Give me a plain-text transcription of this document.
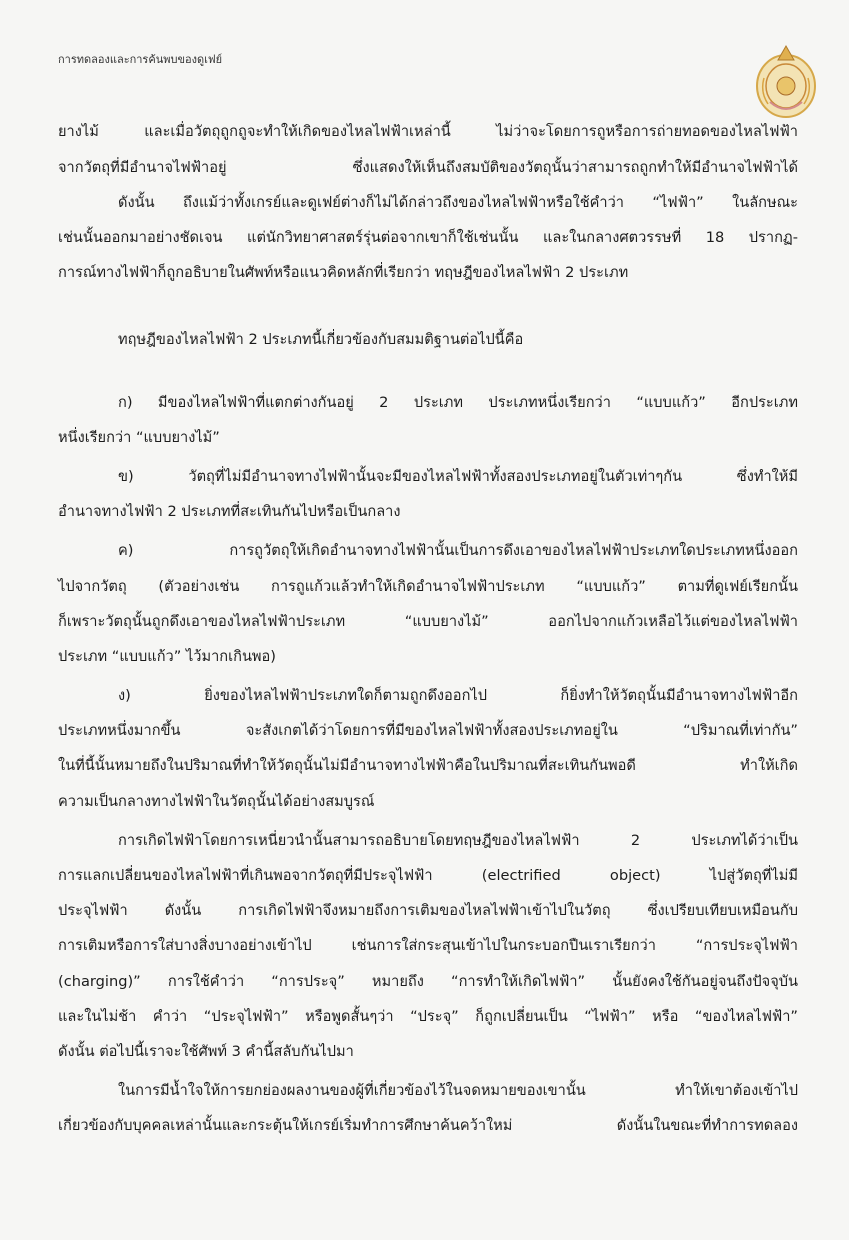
การทดลองและการค้นพบของดูเฟย์
ยางไม้ และเมื่อวัตถุถูกถูจะทำให้เกิดของไหลไฟฟ้าเหล่านี้ ไม่ว่าจะโดยการถูหรือการถ่ายทอดของไหลไฟฟ้า
จากวัตถุที่มีอำนาจไฟฟ้าอยู่ ซึ่งแสดงให้เห็นถึงสมบัติของวัตถุนั้นว่าสามารถถูกทำให้มีอำนาจไฟฟ้าได้
ดังนั้น ถึงแม้ว่าทั้งเกรย์และดูเฟย์ต่างก็ไม่ได้กล่าวถึงของไหลไฟฟ้าหรือใช้คำว่า “ไฟฟ้า” ในลักษณะ
เช่นนั้นออกมาอย่างชัดเจน แต่นักวิทยาศาสตร์รุ่นต่อจากเขาก็ใช้เช่นนั้น และในกลางศตวรรษที่ 18 ปรากฏ-
การณ์ทางไฟฟ้าก็ถูกอธิบายในศัพท์หรือแนวคิดหลักที่เรียกว่า ทฤษฎีของไหลไฟฟ้า 2 ประเภท
ทฤษฎีของไหลไฟฟ้า 2 ประเภทนี้เกี่ยวข้องกับสมมติฐานต่อไปนี้คือ
ก) มีของไหลไฟฟ้าที่แตกต่างกันอยู่ 2 ประเภท ประเภทหนึ่งเรียกว่า “แบบแก้ว” อีกประเภท
หนึ่งเรียกว่า “แบบยางไม้”
ข) วัตถุที่ไม่มีอำนาจทางไฟฟ้านั้นจะมีของไหลไฟฟ้าทั้งสองประเภทอยู่ในตัวเท่าๆกัน ซึ่งทำให้มี
อำนาจทางไฟฟ้า 2 ประเภทที่สะเทินกันไปหรือเป็นกลาง
ค) การถูวัตถุให้เกิดอำนาจทางไฟฟ้านั้นเป็นการดึงเอาของไหลไฟฟ้าประเภทใดประเภทหนึ่งออก
ไปจากวัตถุ (ตัวอย่างเช่น การถูแก้วแล้วทำให้เกิดอำนาจไฟฟ้าประเภท “แบบแก้ว” ตามที่ดูเฟย์เรียกนั้น
ก็เพราะวัตถุนั้นถูกดึงเอาของไหลไฟฟ้าประเภท “แบบยางไม้” ออกไปจากแก้วเหลือไว้แต่ของไหลไฟฟ้า
ประเภท “แบบแก้ว” ไว้มากเกินพอ)
ง) ยิ่งของไหลไฟฟ้าประเภทใดก็ตามถูกดึงออกไป ก็ยิ่งทำให้วัตถุนั้นมีอำนาจทางไฟฟ้าอีก
ประเภทหนึ่งมากขึ้น จะสังเกตได้ว่าโดยการที่มีของไหลไฟฟ้าทั้งสองประเภทอยู่ใน “ปริมาณที่เท่ากัน”
ในที่นี้นั้นหมายถึงในปริมาณที่ทำให้วัตถุนั้นไม่มีอำนาจทางไฟฟ้าคือในปริมาณที่สะเทินกันพอดี ทำให้เกิด
ความเป็นกลางทางไฟฟ้าในวัตถุนั้นได้อย่างสมบูรณ์
การเกิดไฟฟ้าโดยการเหนี่ยวนำนั้นสามารถอธิบายโดยทฤษฎีของไหลไฟฟ้า 2 ประเภทได้ว่าเป็น
การแลกเปลี่ยนของไหลไฟฟ้าที่เกินพอจากวัตถุที่มีประจุไฟฟ้า (electrified object) ไปสู่วัตถุที่ไม่มี
ประจุไฟฟ้า ดังนั้น การเกิดไฟฟ้าจึงหมายถึงการเติมของไหลไฟฟ้าเข้าไปในวัตถุ ซึ่งเปรียบเทียบเหมือนกับ
การเติมหรือการใส่บางสิ่งบางอย่างเข้าไป เช่นการใส่กระสุนเข้าไปในกระบอกปืนเราเรียกว่า “การประจุไฟฟ้า
(charging)” การใช้คำว่า “การประจุ” หมายถึง “การทำให้เกิดไฟฟ้า” นั้นยังคงใช้กันอยู่จนถึงปัจจุบัน
และในไม่ช้า คำว่า “ประจุไฟฟ้า” หรือพูดสั้นๆว่า “ประจุ” ก็ถูกเปลี่ยนเป็น “ไฟฟ้า” หรือ “ของไหลไฟฟ้า”
ดังนั้น ต่อไปนี้เราจะใช้ศัพท์ 3 คำนี้สลับกันไปมา
ในการมีน้ำใจให้การยกย่องผลงานของผู้ที่เกี่ยวข้องไว้ในจดหมายของเขานั้น ทำให้เขาต้องเข้าไป
เกี่ยวข้องกับบุคคลเหล่านั้นและกระตุ้นให้เกรย์เริ่มทำการศึกษาค้นคว้าใหม่ ดังนั้นในขณะที่ทำการทดลอง
